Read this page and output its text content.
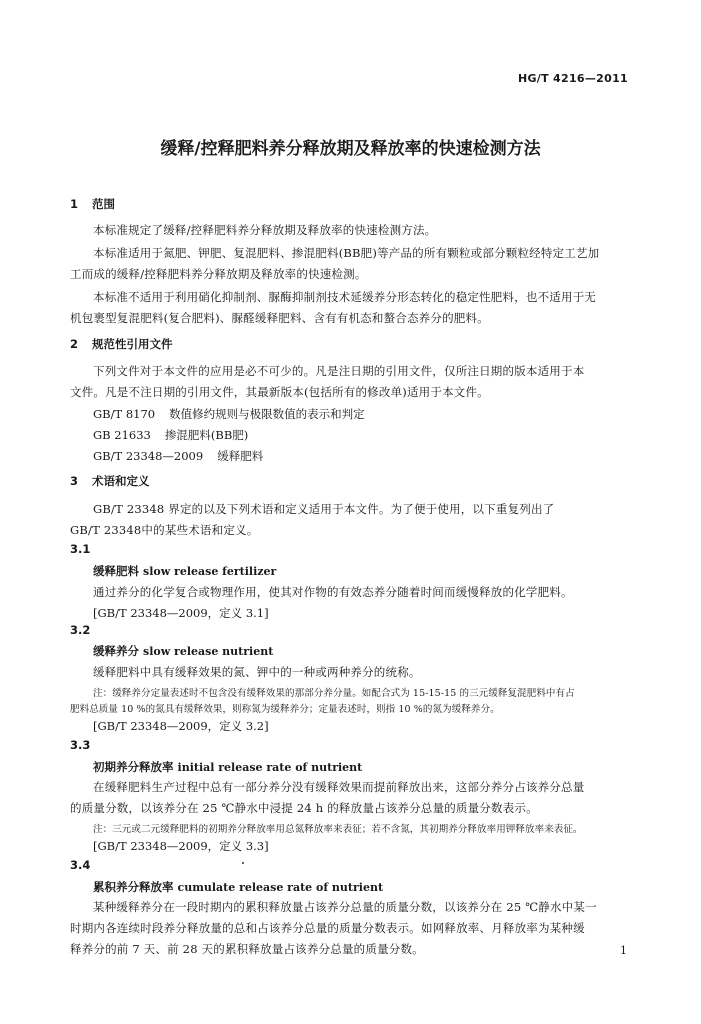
HG/T 4216—2011
缓释/控释肥料养分释放期及释放率的快速检测方法
1 范围
本标准规定了缓释/控释肥料养分释放期及释放率的快速检测方法。
本标准适用于氮肥、钾肥、复混肥料、掺混肥料(BB肥)等产品的所有颗粒或部分颗粒经特定工艺加
工而成的缓释/控释肥料养分释放期及释放率的快速检测。
本标准不适用于利用硝化抑制剂、脲酶抑制剂技术延缓养分形态转化的稳定性肥料，也不适用于无
机包裹型复混肥料(复合肥料)、脲醛缓释肥料、含有有机态和螯合态养分的肥料。
2 规范性引用文件
下列文件对于本文件的应用是必不可少的。凡是注日期的引用文件，仅所注日期的版本适用于本
文件。凡是不注日期的引用文件，其最新版本(包括所有的修改单)适用于本文件。
GB/T 8170 数值修约规则与极限数值的表示和判定
GB 21633 掺混肥料(BB肥)
GB/T 23348—2009 缓释肥料
3 术语和定义
GB/T 23348 界定的以及下列术语和定义适用于本文件。为了便于使用，以下重复列出了
GB/T 23348中的某些术语和定义。
3.1
缓释肥料 slow release fertilizer
通过养分的化学复合或物理作用，使其对作物的有效态养分随着时间而缓慢释放的化学肥料。
[GB/T 23348—2009，定义 3.1]
3.2
缓释养分 slow release nutrient
缓释肥料中具有缓释效果的氮、钾中的一种或两种养分的统称。
注：缓释养分定量表述时不包含没有缓释效果的那部分养分量。如配合式为 15-15-15 的三元缓释复混肥料中有占
肥料总质量 10 %的氮具有缓释效果，则称氮为缓释养分；定量表述时，则指 10 %的氮为缓释养分。
[GB/T 23348—2009，定义 3.2]
3.3
初期养分释放率 initial release rate of nutrient
在缓释肥料生产过程中总有一部分养分没有缓释效果而提前释放出来，这部分养分占该养分总量
的质量分数，以该养分在 25 ℃静水中浸提 24 h 的释放量占该养分总量的质量分数表示。
注：三元或二元缓释肥料的初期养分释放率用总氮释放率来表征；若不含氮，其初期养分释放率用钾释放率来表征。
[GB/T 23348—2009，定义 3.3]
3.4
累积养分释放率 cumulate release rate of nutrient
某种缓释养分在一段时期内的累积释放量占该养分总量的质量分数，以该养分在 25 ℃静水中某一
时期内各连续时段养分释放量的总和占该养分总量的质量分数表示。如网释放率、月释放率为某种缓
释养分的前 7 天、前 28 天的累积释放量占该养分总量的质量分数。	1
